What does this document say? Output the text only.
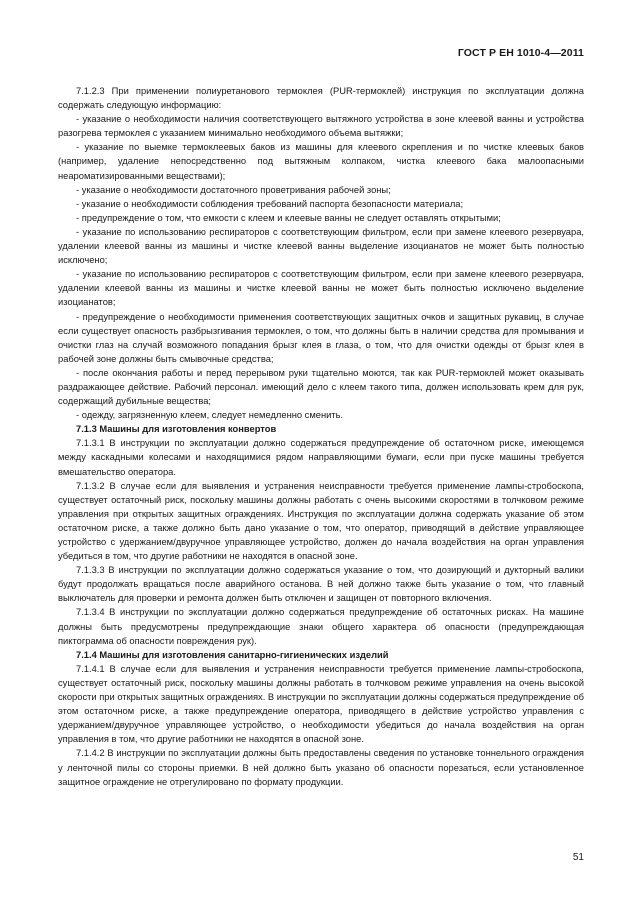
ГОСТ Р ЕН 1010-4—2011

7.1.2.3 При применении полиуретанового термоклея (PUR-термоклей) инструкция по эксплуатации должна содержать следующую информацию:

- указание о необходимости наличия соответствующего вытяжного устройства в зоне клеевой ванны и устройства разогрева термоклея с указанием минимально необходимого объема вытяжки;

- указание по выемке термоклеевых баков из машины для клеевого скрепления и по чистке клеевых баков (например, удаление непосредственно под вытяжным колпаком, чистка клеевого бака малоопасными неароматизированными веществами);

- указание о необходимости достаточного проветривания рабочей зоны;

- указание о необходимости соблюдения требований паспорта безопасности материала;

- предупреждение о том, что емкости с клеем и клеевые ванны не следует оставлять открытыми;

- указание по использованию респираторов с соответствующим фильтром, если при замене клеевого резервуара, удалении клеевой ванны из машины и чистке клеевой ванны выделение изоцианатов не может быть полностью исключено;

- указание по использованию респираторов с соответствующим фильтром, если при замене клеевого резервуара, удалении клеевой ванны из машины и чистке клеевой ванны не может быть полностью исключено выделение изоцианатов;

- предупреждение о необходимости применения соответствующих защитных очков и защитных рукавиц, в случае если существует опасность разбрызгивания термоклея, о том, что должны быть в наличии средства для промывания и очистки глаз на случай возможного попадания брызг клея в глаза, о том, что для очистки одежды от брызг клея в рабочей зоне должны быть смывочные средства;

- после окончания работы и перед перерывом руки тщательно моются, так как PUR-термоклей может оказывать раздражающее действие. Рабочий персонал. имеющий дело с клеем такого типа, должен использовать крем для рук, содержащий дубильные вещества;

- одежду, загрязненную клеем, следует немедленно сменить.

7.1.3 Машины для изготовления конвертов

7.1.3.1 В инструкции по эксплуатации должно содержаться предупреждение об остаточном риске, имеющемся между каскадными колесами и находящимися рядом направляющими бумаги, если при пуске машины требуется вмешательство оператора.

7.1.3.2 В случае если для выявления и устранения неисправности требуется применение лампы-стробоскопа, существует остаточный риск, поскольку машины должны работать с очень высокими скоростями в толчковом режиме управления при открытых защитных ограждениях. Инструкция по эксплуатации должна содержать указание об этом остаточном риске, а также должно быть дано указание о том, что оператор, приводящий в действие управляющее устройство с удержанием/двуручное управляющее устройство, должен до начала воздействия на орган управления убедиться в том, что другие работники не находятся в опасной зоне.

7.1.3.3 В инструкции по эксплуатации должно содержаться указание о том, что дозирующий и дукторный валики будут продолжать вращаться после аварийного останова. В ней должно также быть указание о том, что главный выключатель для проверки и ремонта должен быть отключен и защищен от повторного включения.

7.1.3.4 В инструкции по эксплуатации должно содержаться предупреждение об остаточных рисках. На машине должны быть предусмотрены предупреждающие знаки общего характера об опасности (предупреждающая пиктограмма об опасности повреждения рук).

7.1.4 Машины для изготовления санитарно-гигиенических изделий

7.1.4.1 В случае если для выявления и устранения неисправности требуется применение лампы-стробоскопа, существует остаточный риск, поскольку машины должны работать в толчковом режиме управления на очень высокой скорости при открытых защитных ограждениях. В инструкции по эксплуатации должны содержаться предупреждение об этом остаточном риске, а также предупреждение оператора, приводящего в действие устройство управления с удержанием/двуручное управляющее устройство, о необходимости убедиться до начала воздействия на орган управления в том, что другие работники не находятся в опасной зоне.

7.1.4.2 В инструкции по эксплуатации должны быть предоставлены сведения по установке тоннельного ограждения у ленточной пилы со стороны приемки. В ней должно быть указано об опасности порезаться, если установленное защитное ограждение не отрегулировано по формату продукции.

51
